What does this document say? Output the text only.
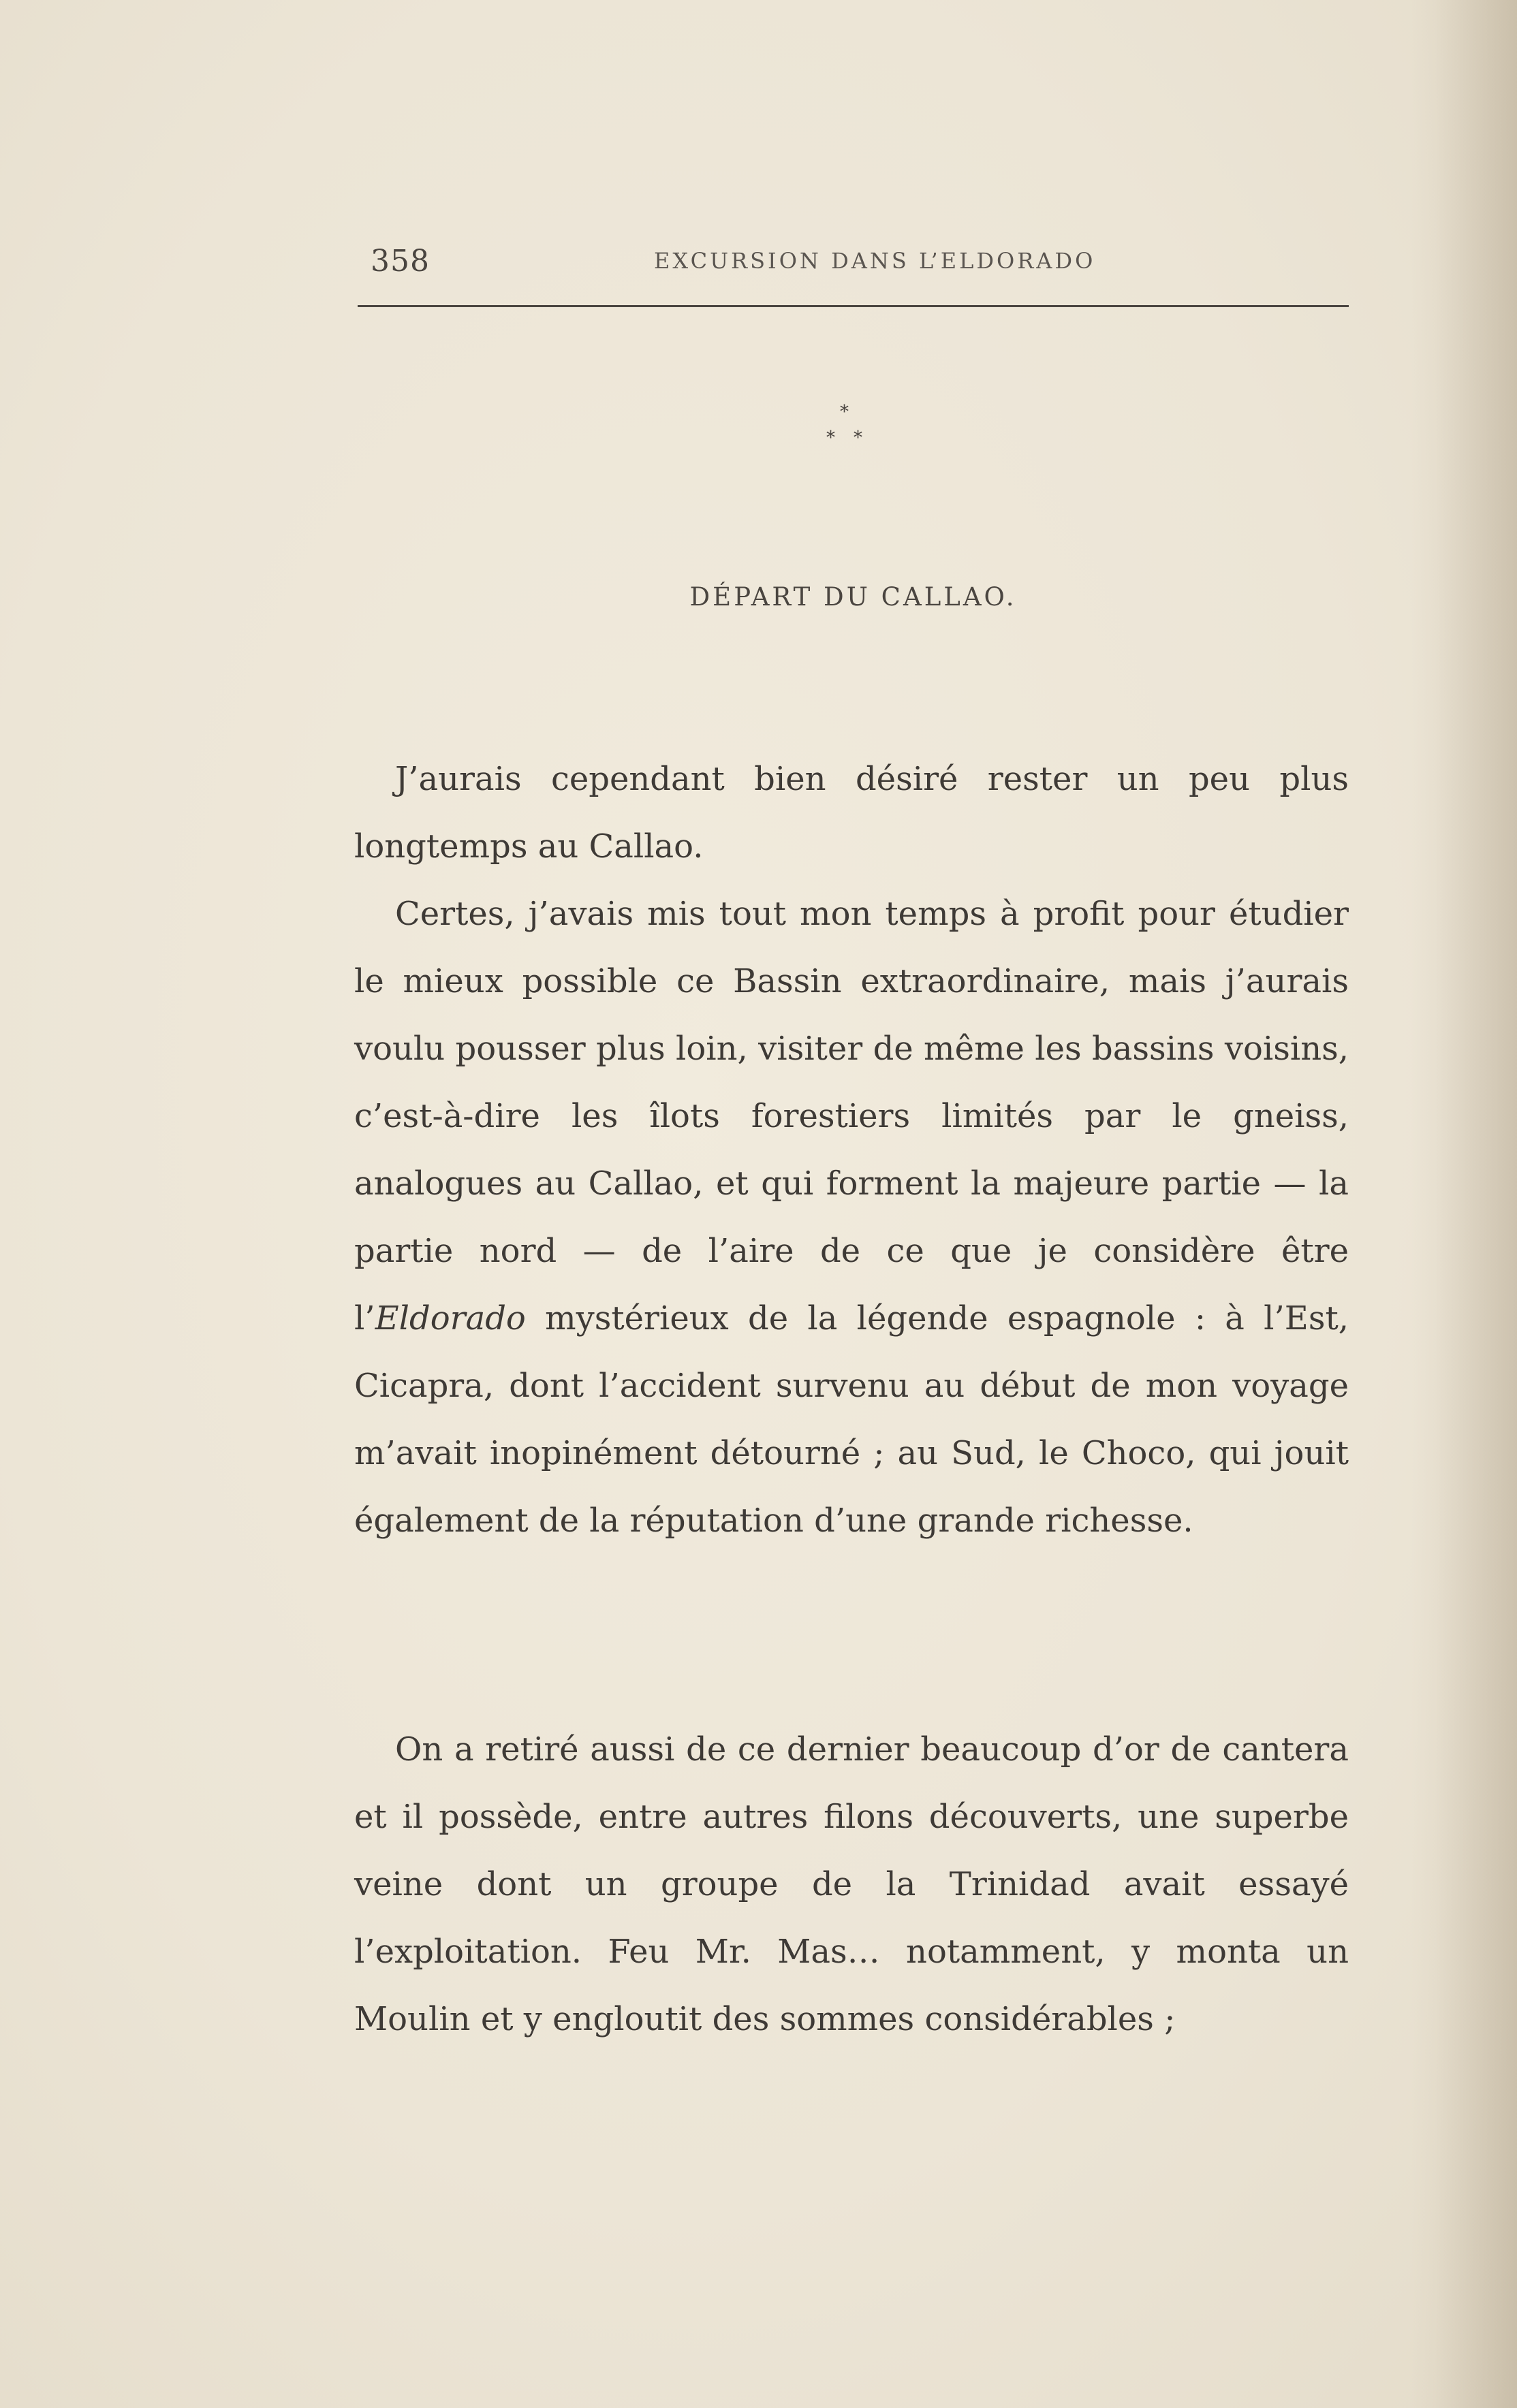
358	EXCURSION DANS L’ELDORADO
*
* *
DÉPART DU CALLAO.

J’aurais cependant bien désiré rester un peu plus longtemps au Callao.

Certes, j’avais mis tout mon temps à profit pour étudier le mieux possible ce Bassin extraordinaire, mais j’aurais voulu pousser plus loin, visiter de même les bassins voisins, c’est-à-dire les îlots forestiers limités par le gneiss, analogues au Callao, et qui forment la majeure partie — la partie nord — de l’aire de ce que je considère être l’Eldorado mystérieux de la légende espagnole : à l’Est, Cicapra, dont l’accident survenu au début de mon voyage m’avait inopinément détourné ; au Sud, le Choco, qui jouit également de la réputation d’une grande richesse.

On a retiré aussi de ce dernier beaucoup d’or de cantera et il possède, entre autres filons découverts, une superbe veine dont un groupe de la Trinidad avait essayé l’exploitation. Feu Mr. Mas… notamment, y monta un Moulin et y engloutit des sommes considérables ;
